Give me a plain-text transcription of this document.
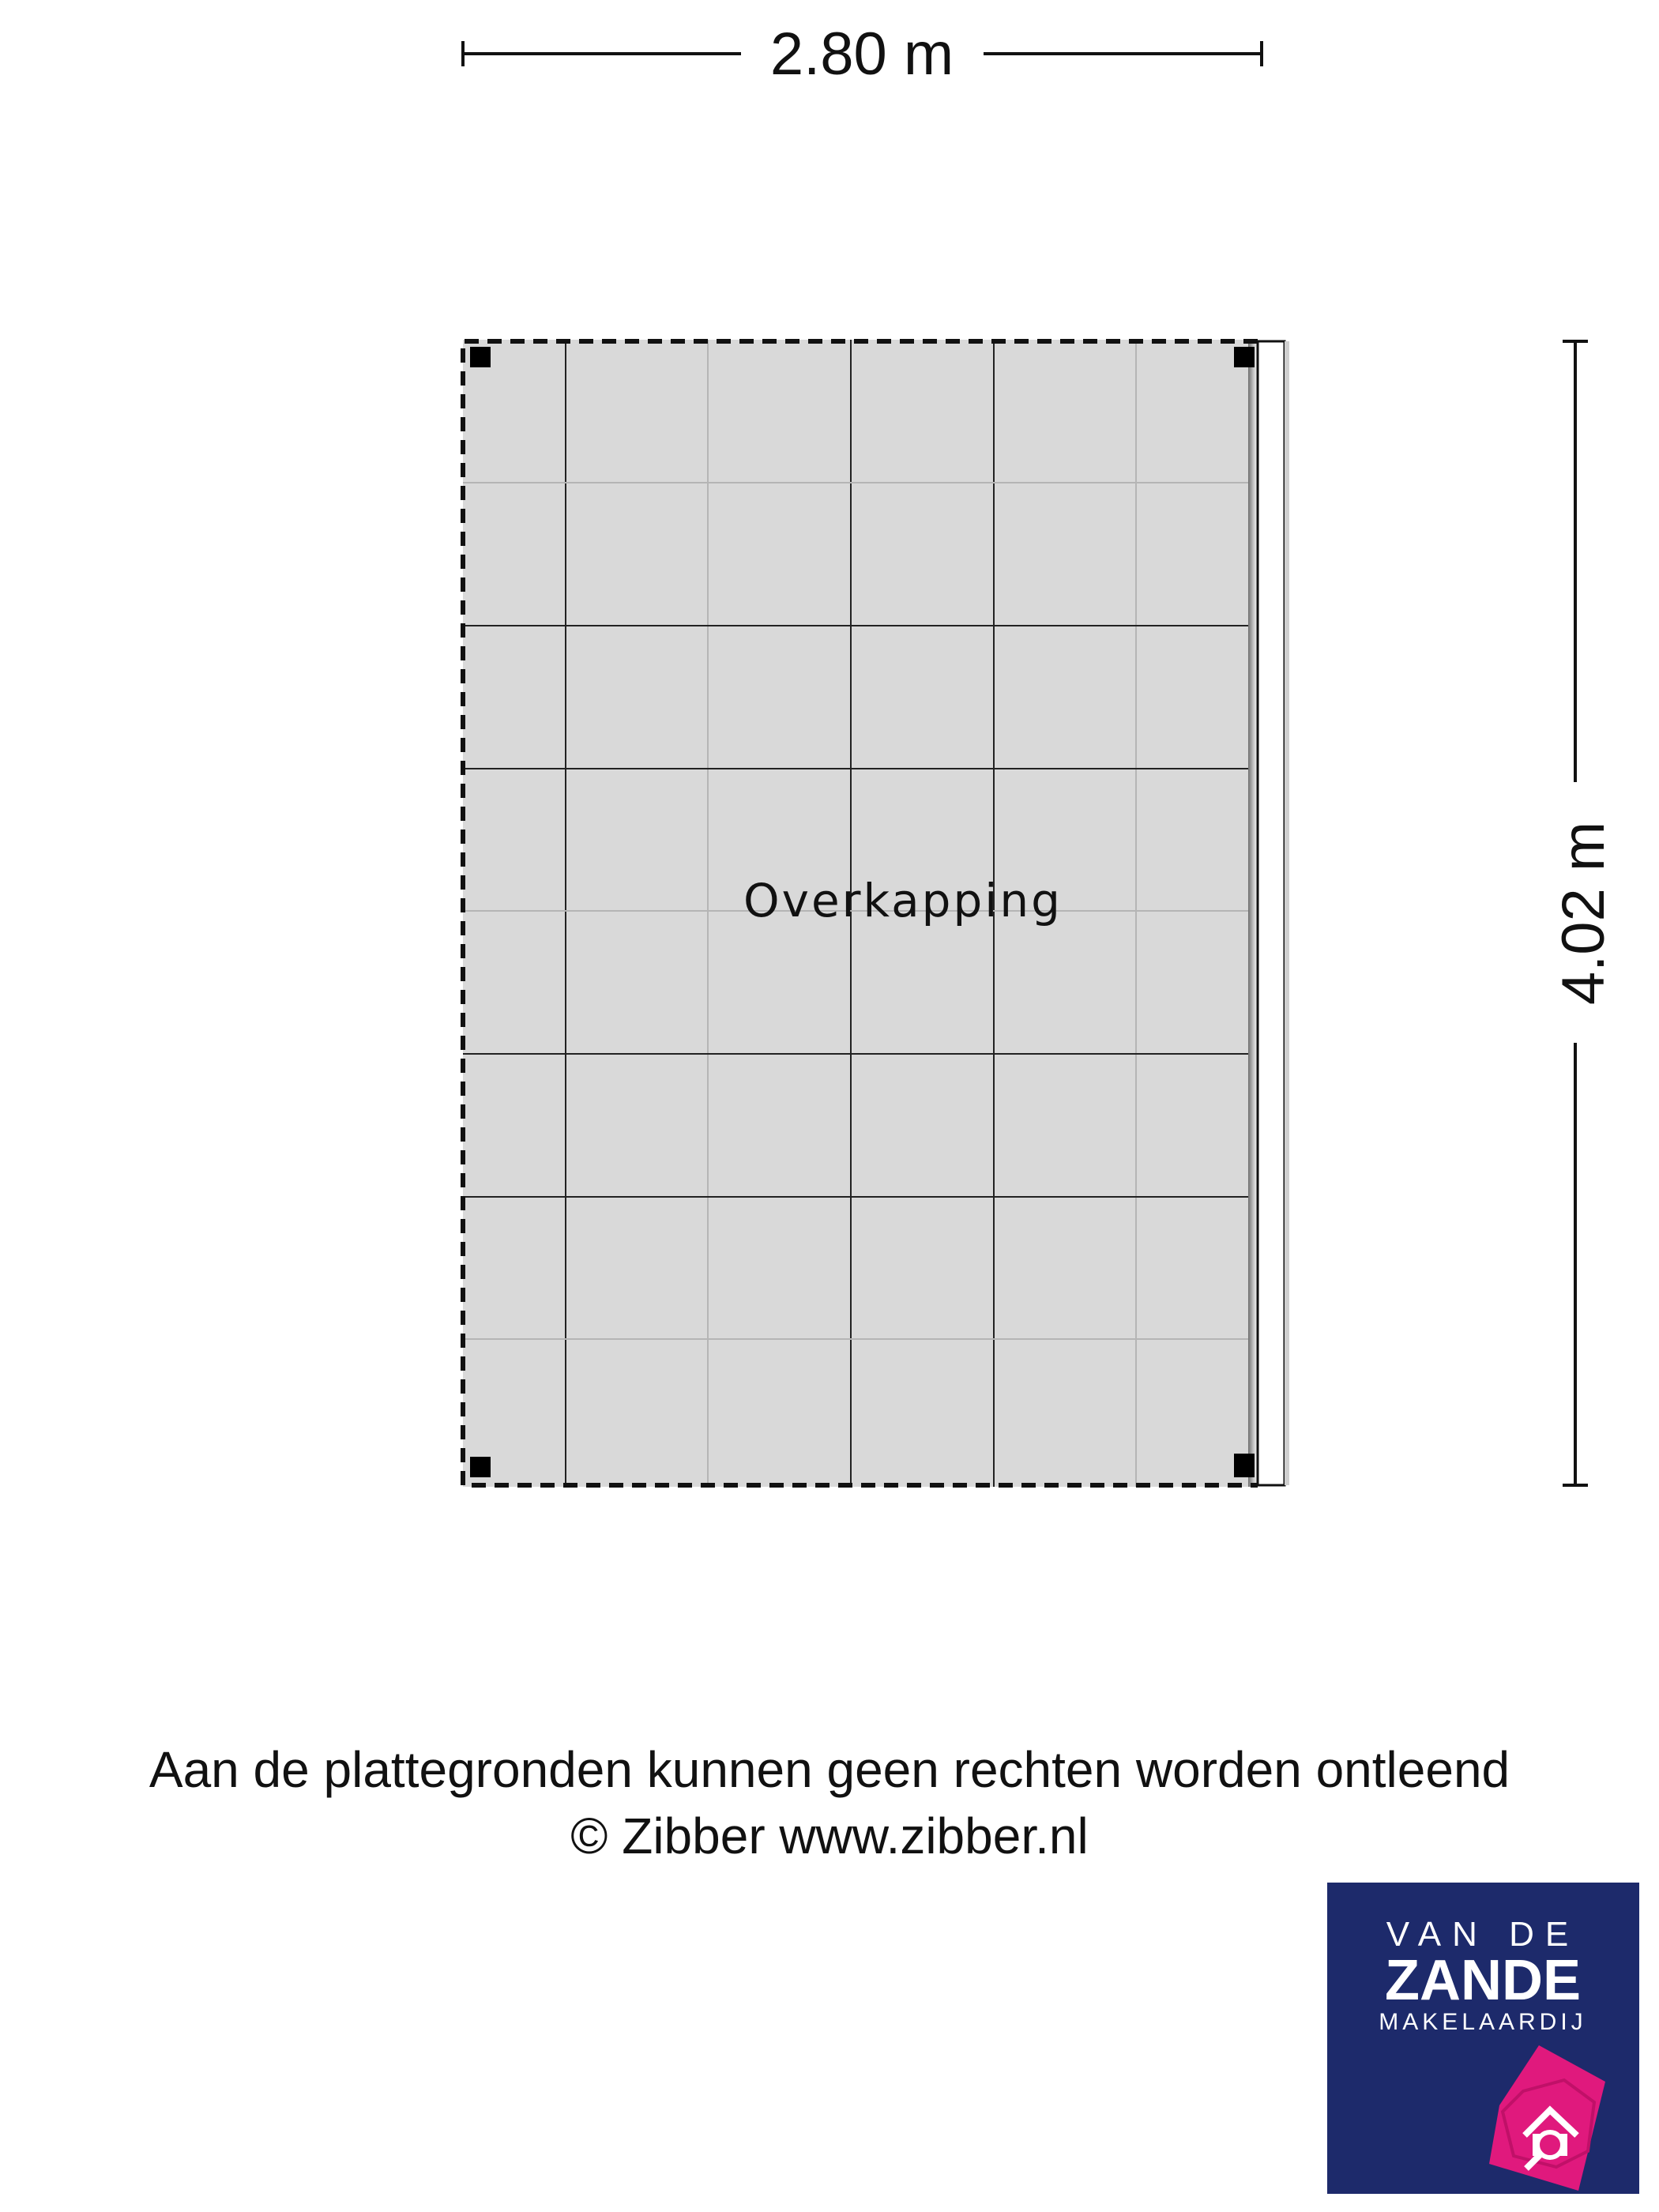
2.80 m
4.02 m
Overkapping
Aan de plattegronden kunnen geen rechten worden ontleend
© Zibber www.zibber.nl
VAN DE
ZANDE
MAKELAARDIJ
